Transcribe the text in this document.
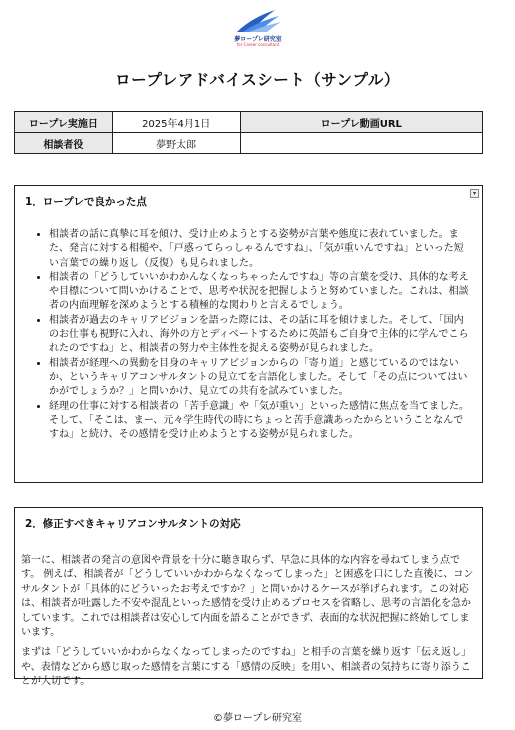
夢ロープレ研究室
for Career consultant
ロープレアドバイスシート（サンプル）
ロープレ実施日	2025年4月1日	ロープレ動画URL
相談者役	夢野太郎	
▾
1．ロープレで良かった点
• 相談者の話に真摯に耳を傾け、受け止めようとする姿勢が言葉や態度に表れていました。また、発言に対する相槌や、「戸惑ってらっしゃるんですね」、「気が重いんですね」といった短い言葉での繰り返し（反復）も見られました。
• 相談者の「どうしていいかわかんなくなっちゃったんですね」等の言葉を受け、具体的な考えや目標について問いかけることで、思考や状況を把握しようと努めていました。これは、相談者の内面理解を深めようとする積極的な関わりと言えるでしょう。
• 相談者が過去のキャリアビジョンを語った際には、その話に耳を傾けました。そして、「国内のお仕事も視野に入れ、海外の方とディベートするために英語もご自身で主体的に学んでこられたのですね」と、相談者の努力や主体性を捉える姿勢が見られました。
• 相談者が経理への異動を目身のキャリアビジョンからの「寄り道」と感じているのではないか、というキャリアコンサルタントの見立てを言語化しました。そして「その点についてはいかがでしょうか？」と問いかけ、見立ての共有を試みていました。
• 経理の仕事に対する相談者の「苦手意識」や「気が重い」といった感情に焦点を当てました。そして、「そこは、まー、元々学生時代の時にちょっと苦手意識あったからということなんですね」と続け、その感情を受け止めようとする姿勢が見られました。
2．修正すべきキャリアコンサルタントの対応

第一に、相談者の発言の意図や背景を十分に聴き取らず、早急に具体的な内容を尋ねてしまう点です。 例えば、相談者が「どうしていいかわからなくなってしまった」と困惑を口にした直後に、コンサルタントが「具体的にどういったお考えですか？」と問いかけるケースが挙げられます。この対応は、相談者が吐露した不安や混乱といった感情を受け止めるプロセスを省略し、思考の言語化を急かしています。これでは相談者は安心して内面を語ることができず、表面的な状況把握に終始してしまいます。

まずは「どうしていいかわからなくなってしまったのですね」と相手の言葉を繰り返す「伝え返し」や、表情などから感じ取った感情を言葉にする「感情の反映」を用い、相談者の気持ちに寄り添うことが大切です。

©夢ロープレ研究室
